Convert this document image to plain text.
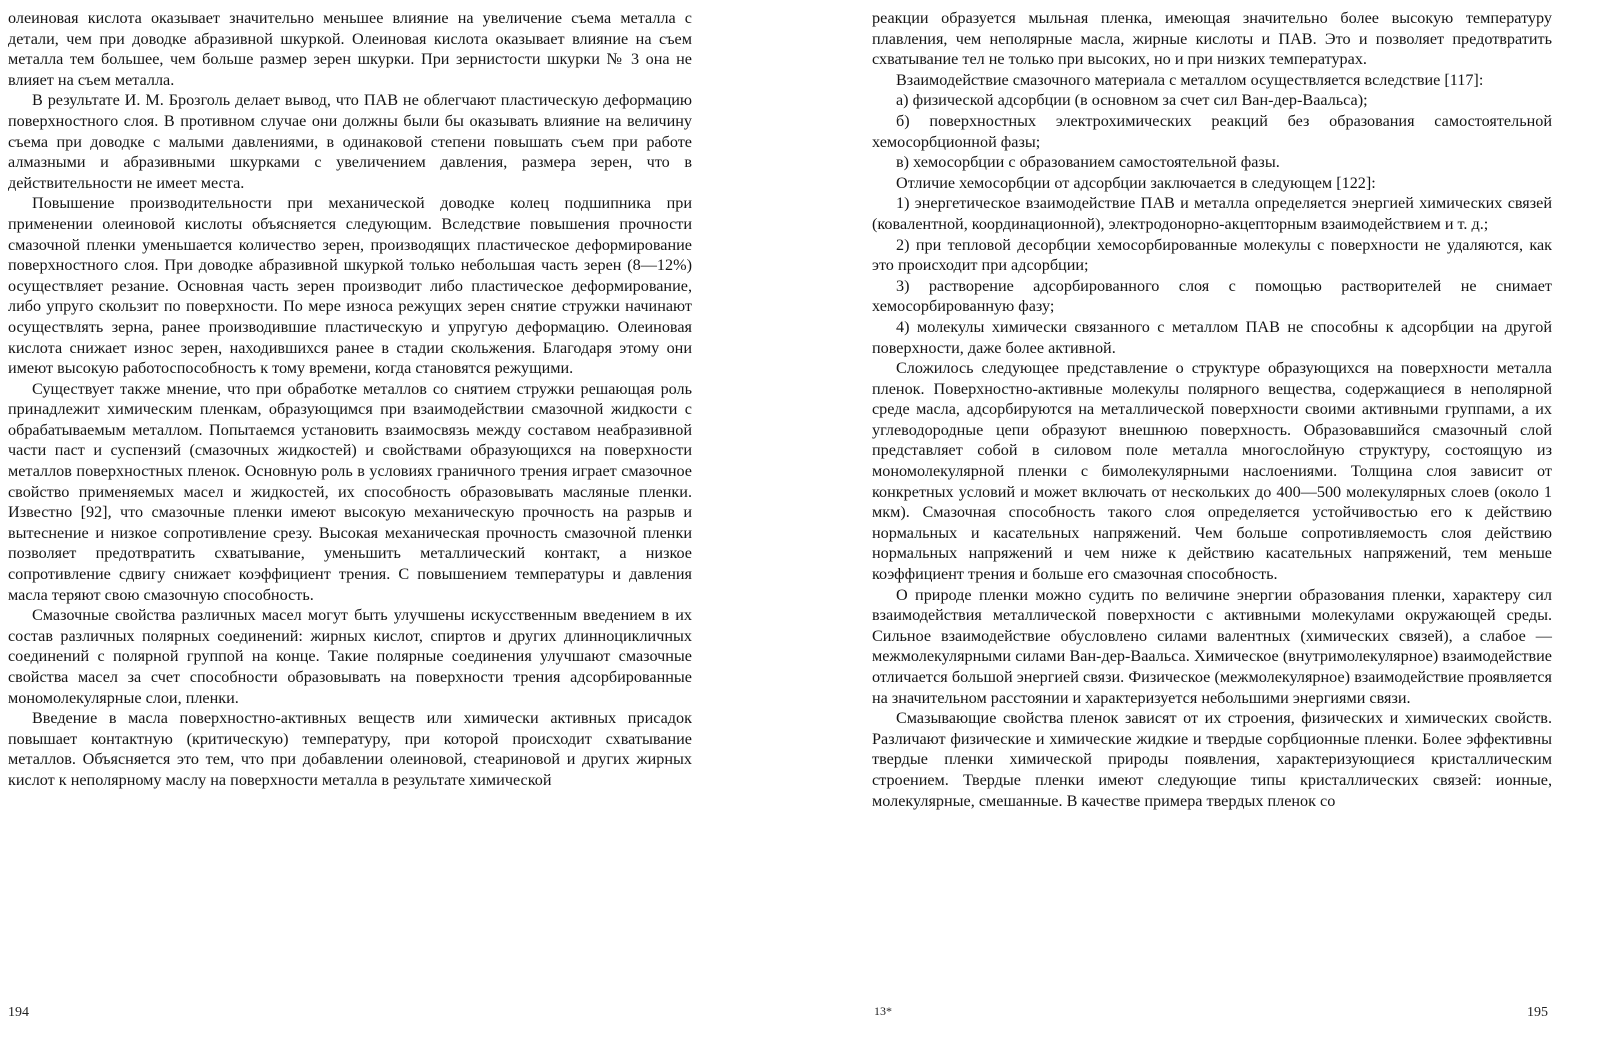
олеиновая кислота оказывает значительно меньшее влияние на увеличение съема металла с детали, чем при доводке абразивной шкуркой. Олеиновая кислота оказывает влияние на съем металла тем большее, чем больше размер зерен шкурки. При зернистости шкурки № 3 она не влияет на съем металла.

В результате И. М. Брозголь делает вывод, что ПАВ не облегчают пластическую деформацию поверхностного слоя. В противном случае они должны были бы оказывать влияние на величину съема при доводке с малыми давлениями, в одинаковой степени повышать съем при работе алмазными и абразивными шкурками с увеличением давления, размера зерен, что в действительности не имеет места.

Повышение производительности при механической доводке колец подшипника при применении олеиновой кислоты объясняется следующим. Вследствие повышения прочности смазочной пленки уменьшается количество зерен, производящих пластическое деформирование поверхностного слоя. При доводке абразивной шкуркой только небольшая часть зерен (8—12%) осуществляет резание. Основная часть зерен производит либо пластическое деформирование, либо упруго скользит по поверхности. По мере износа режущих зерен снятие стружки начинают осуществлять зерна, ранее производившие пластическую и упругую деформацию. Олеиновая кислота снижает износ зерен, находившихся ранее в стадии скольжения. Благодаря этому они имеют высокую работоспособность к тому времени, когда становятся режущими.

Существует также мнение, что при обработке металлов со снятием стружки решающая роль принадлежит химическим пленкам, образующимся при взаимодействии смазочной жидкости с обрабатываемым металлом. Попытаемся установить взаимосвязь между составом неабразивной части паст и суспензий (смазочных жидкостей) и свойствами образующихся на поверхности металлов поверхностных пленок. Основную роль в условиях граничного трения играет смазочное свойство применяемых масел и жидкостей, их способность образовывать масляные пленки. Известно [92], что смазочные пленки имеют высокую механическую прочность на разрыв и вытеснение и низкое сопротивление срезу. Высокая механическая прочность смазочной пленки позволяет предотвратить схватывание, уменьшить металлический контакт, а низкое сопротивление сдвигу снижает коэффициент трения. С повышением температуры и давления масла теряют свою смазочную способность.

Смазочные свойства различных масел могут быть улучшены искусственным введением в их состав различных полярных соединений: жирных кислот, спиртов и других длинноцикличных соединений с полярной группой на конце. Такие полярные соединения улучшают смазочные свойства масел за счет способности образовывать на поверхности трения адсорбированные мономолекулярные слои, пленки.

Введение в масла поверхностно-активных веществ или химически активных присадок повышает контактную (критическую) температуру, при которой происходит схватывание металлов. Объясняется это тем, что при добавлении олеиновой, стеариновой и других жирных кислот к неполярному маслу на поверхности металла в результате химической

194

реакции образуется мыльная пленка, имеющая значительно более высокую температуру плавления, чем неполярные масла, жирные кислоты и ПАВ. Это и позволяет предотвратить схватывание тел не только при высоких, но и при низких температурах.

Взаимодействие смазочного материала с металлом осуществляется вследствие [117]:

а) физической адсорбции (в основном за счет сил Ван-дер-Ваальса);

б) поверхностных электрохимических реакций без образования самостоятельной хемосорбционной фазы;

в) хемосорбции с образованием самостоятельной фазы.

Отличие хемосорбции от адсорбции заключается в следующем [122]:

1) энергетическое взаимодействие ПАВ и металла определяется энергией химических связей (ковалентной, координационной), электродонорно-акцепторным взаимодействием и т. д.;

2) при тепловой десорбции хемосорбированные молекулы с поверхности не удаляются, как это происходит при адсорбции;

3) растворение адсорбированного слоя с помощью растворителей не снимает хемосорбированную фазу;

4) молекулы химически связанного с металлом ПАВ не способны к адсорбции на другой поверхности, даже более активной.

Сложилось следующее представление о структуре образующихся на поверхности металла пленок. Поверхностно-активные молекулы полярного вещества, содержащиеся в неполярной среде масла, адсорбируются на металлической поверхности своими активными группами, а их углеводородные цепи образуют внешнюю поверхность. Образовавшийся смазочный слой представляет собой в силовом поле металла многослойную структуру, состоящую из мономолекулярной пленки с бимолекулярными наслоениями. Толщина слоя зависит от конкретных условий и может включать от нескольких до 400—500 молекулярных слоев (около 1 мкм). Смазочная способность такого слоя определяется устойчивостью его к действию нормальных и касательных напряжений. Чем больше сопротивляемость слоя действию нормальных напряжений и чем ниже к действию касательных напряжений, тем меньше коэффициент трения и больше его смазочная способность.

О природе пленки можно судить по величине энергии образования пленки, характеру сил взаимодействия металлической поверхности с активными молекулами окружающей среды. Сильное взаимодействие обусловлено силами валентных (химических связей), а слабое — межмолекулярными силами Ван-дер-Ваальса. Химическое (внутримолекулярное) взаимодействие отличается большой энергией связи. Физическое (межмолекулярное) взаимодействие проявляется на значительном расстоянии и характеризуется небольшими энергиями связи.

Смазывающие свойства пленок зависят от их строения, физических и химических свойств. Различают физические и химические жидкие и твердые сорбционные пленки. Более эффективны твердые пленки химической природы появления, характеризующиеся кристаллическим строением. Твердые пленки имеют следующие типы кристаллических связей: ионные, молекулярные, смешанные. В качестве примера твердых пленок со

13*	195
